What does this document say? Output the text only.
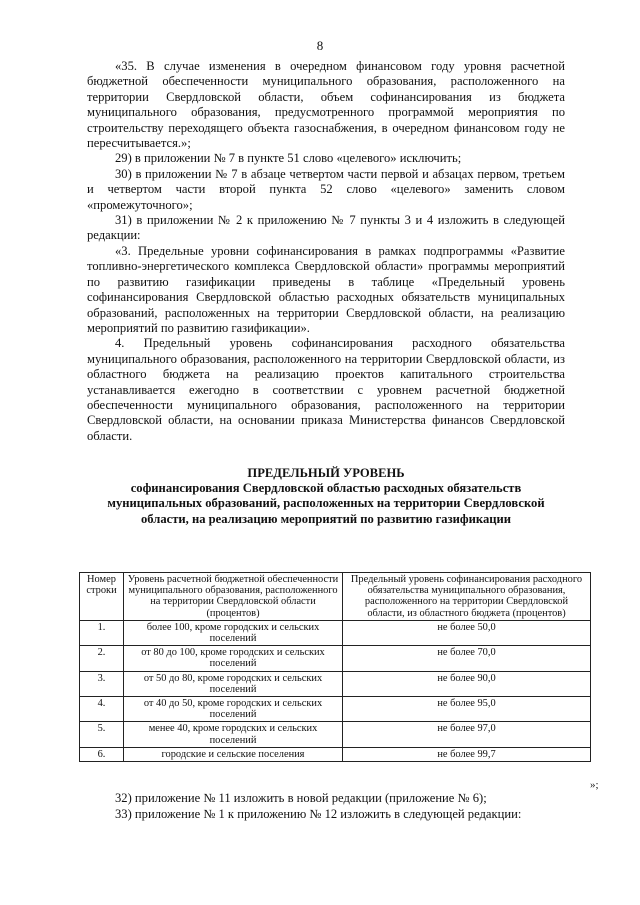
8

«35. В случае изменения в очередном финансовом году уровня расчетной бюджетной обеспеченности муниципального образования, расположенного на территории Свердловской области, объем софинансирования из бюджета муниципального образования, предусмотренного программой мероприятия по строительству переходящего объекта газоснабжения, в очередном финансовом году не пересчитывается.»;

29) в приложении № 7 в пункте 51 слово «целевого» исключить;

30) в приложении № 7 в абзаце четвертом части первой и абзацах первом, третьем и четвертом части второй пункта 52 слово «целевого» заменить словом «промежуточного»;

31) в приложении № 2 к приложению № 7 пункты 3 и 4 изложить в следующей редакции:

«3. Предельные уровни софинансирования в рамках подпрограммы «Развитие топливно-энергетического комплекса Свердловской области» программы мероприятий по развитию газификации приведены в таблице «Предельный уровень софинансирования Свердловской областью расходных обязательств муниципальных образований, расположенных на территории Свердловской области, на реализацию мероприятий по развитию газификации».

4. Предельный уровень софинансирования расходного обязательства муниципального образования, расположенного на территории Свердловской области, из областного бюджета на реализацию проектов капитального строительства устанавливается ежегодно в соответствии с уровнем расчетной бюджетной обеспеченности муниципального образования, расположенного на территории Свердловской области, на основании приказа Министерства финансов Свердловской области.

ПРЕДЕЛЬНЫЙ УРОВЕНЬ
софинансирования Свердловской областью расходных обязательств муниципальных образований, расположенных на территории Свердловской области, на реализацию мероприятий по развитию газификации
Номер строки	Уровень расчетной бюджетной обеспеченности муниципального образования, расположенного на территории Свердловской области (процентов)	Предельный уровень софинансирования расходного обязательства муниципального образования, расположенного на территории Свердловской области, из областного бюджета (процентов)
1.	более 100, кроме городских и сельских поселений	не более 50,0
2.	от 80 до 100, кроме городских и сельских поселений	не более 70,0
3.	от 50 до 80, кроме городских и сельских поселений	не более 90,0
4.	от 40 до 50, кроме городских и сельских поселений	не более 95,0
5.	менее 40, кроме городских и сельских поселений	не более 97,0
6.	городские и сельские поселения	не более 99,7
»;

32) приложение № 11 изложить в новой редакции (приложение № 6);

33) приложение № 1 к приложению № 12 изложить в следующей редакции:
